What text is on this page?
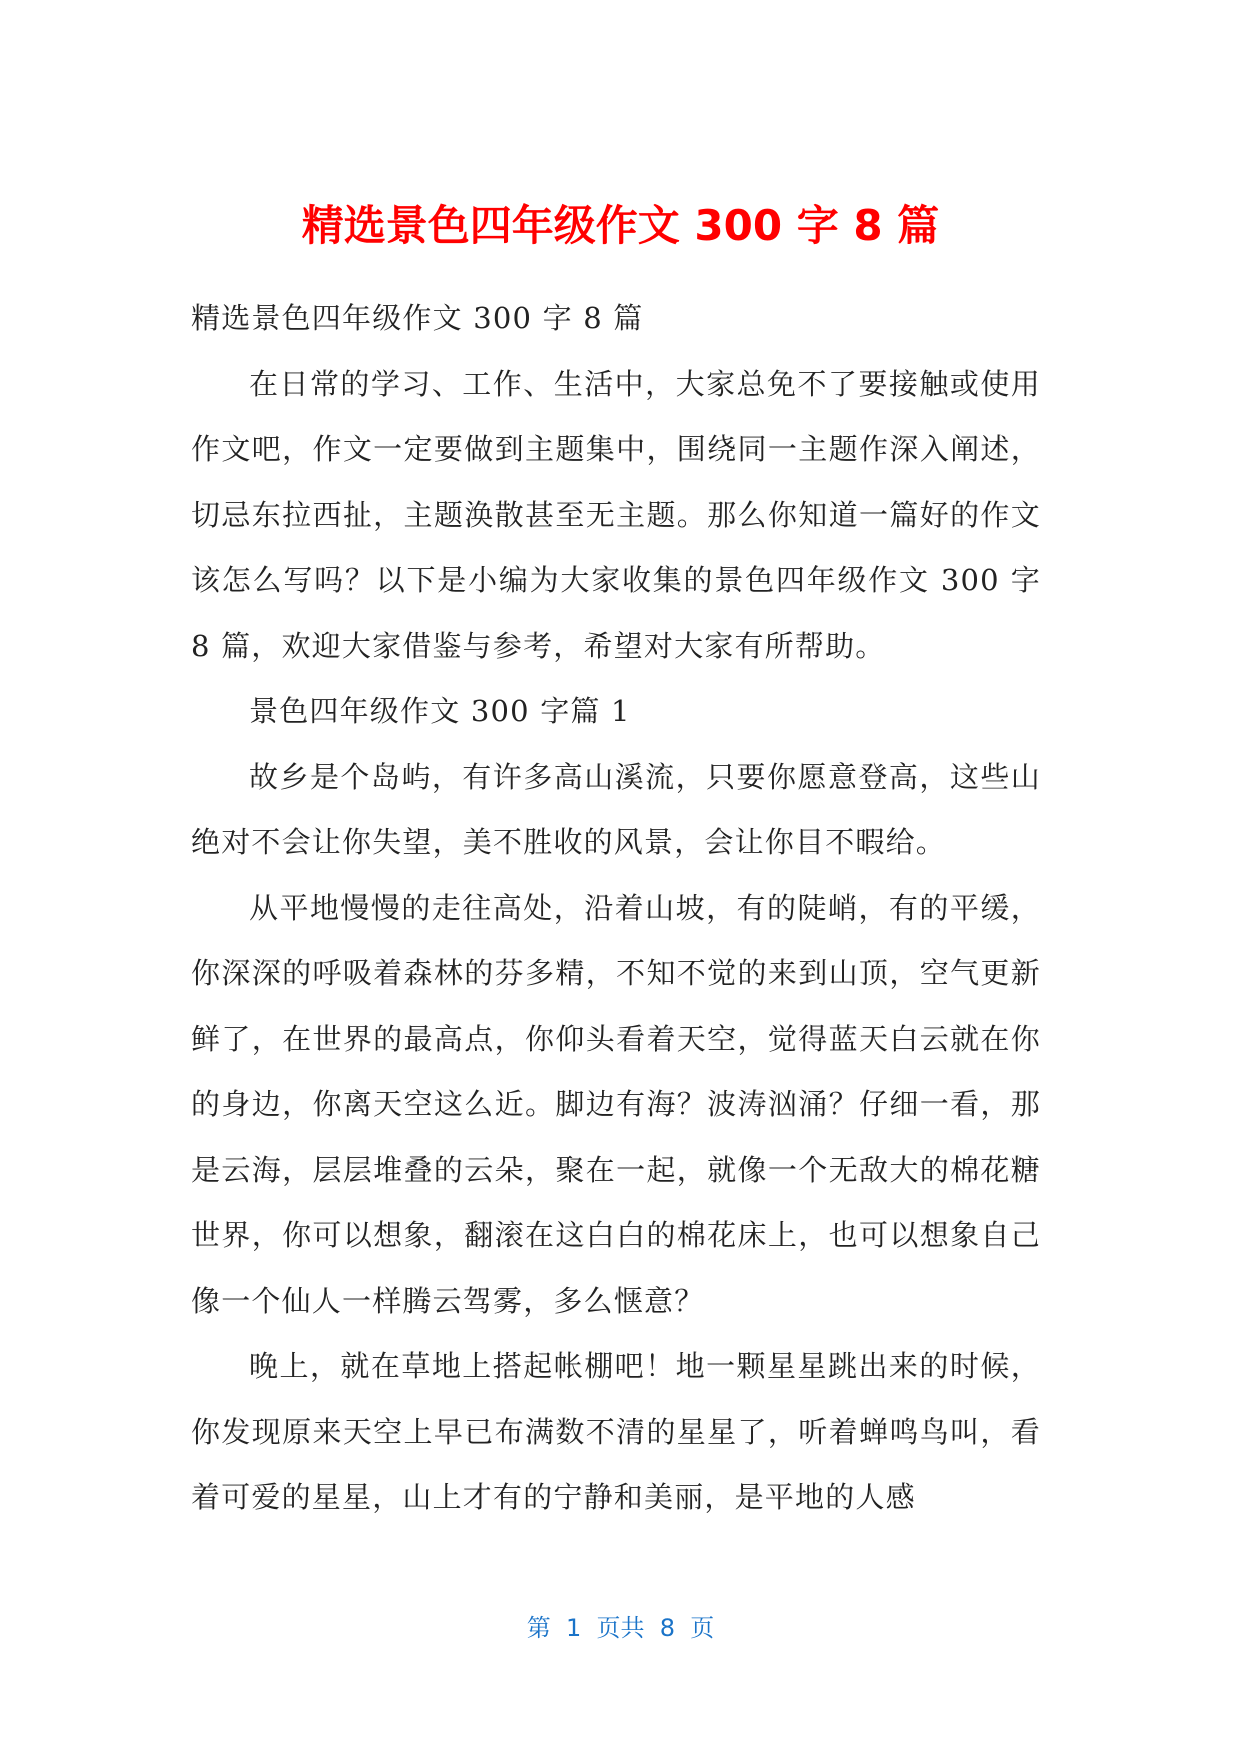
精选景色四年级作文 300 字 8 篇

精选景色四年级作文 300 字 8 篇

在日常的学习、工作、生活中，大家总免不了要接触或使用作文吧，作文一定要做到主题集中，围绕同一主题作深入阐述，切忌东拉西扯，主题涣散甚至无主题。那么你知道一篇好的作文该怎么写吗？以下是小编为大家收集的景色四年级作文 300 字 8 篇，欢迎大家借鉴与参考，希望对大家有所帮助。

景色四年级作文 300 字篇 1

故乡是个岛屿，有许多高山溪流，只要你愿意登高，这些山绝对不会让你失望，美不胜收的风景，会让你目不暇给。

从平地慢慢的走往高处，沿着山坡，有的陡峭，有的平缓，你深深的呼吸着森林的芬多精，不知不觉的来到山顶，空气更新鲜了，在世界的最高点，你仰头看着天空，觉得蓝天白云就在你的身边，你离天空这么近。脚边有海？波涛汹涌？仔细一看，那是云海，层层堆叠的云朵，聚在一起，就像一个无敌大的棉花糖世界，你可以想象，翻滚在这白白的棉花床上，也可以想象自己像一个仙人一样腾云驾雾，多么惬意？

晚上，就在草地上搭起帐棚吧！地一颗星星跳出来的时候，你发现原来天空上早已布满数不清的星星了，听着蝉鸣鸟叫，看着可爱的星星，山上才有的宁静和美丽，是平地的人感

第  1  页共  8  页
